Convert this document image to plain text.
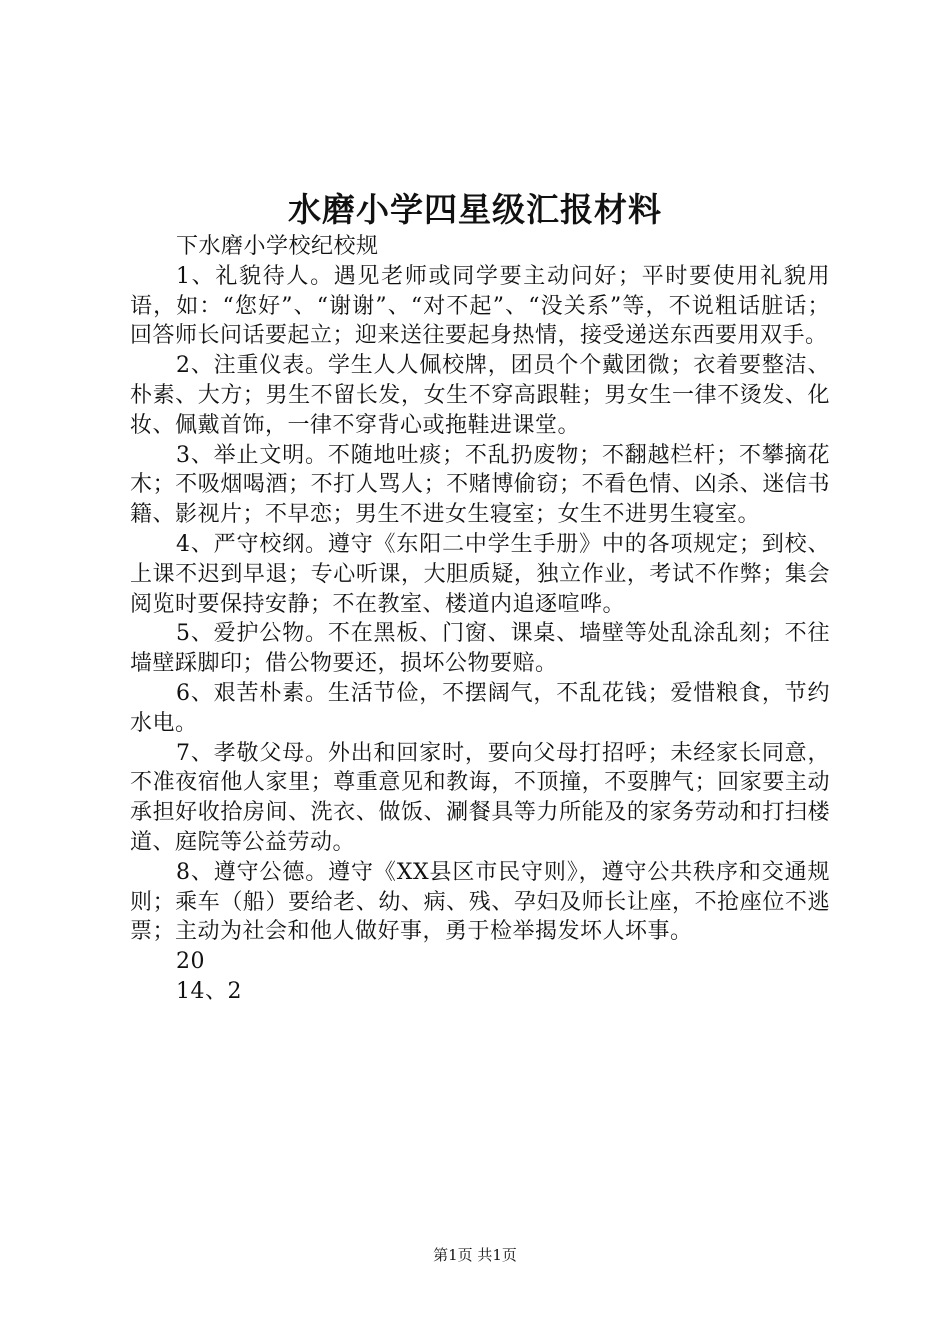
水磨小学四星级汇报材料

下水磨小学校纪校规

1、礼貌待人。遇见老师或同学要主动问好；平时要使用礼貌用语，如：“您好”、“谢谢”、“对不起”、“没关系”等，不说粗话脏话；回答师长问话要起立；迎来送往要起身热情，接受递送东西要用双手。

2、注重仪表。学生人人佩校牌，团员个个戴团微；衣着要整洁、朴素、大方；男生不留长发，女生不穿高跟鞋；男女生一律不烫发、化妆、佩戴首饰，一律不穿背心或拖鞋进课堂。

3、举止文明。不随地吐痰；不乱扔废物；不翻越栏杆；不攀摘花木；不吸烟喝酒；不打人骂人；不赌博偷窃；不看色情、凶杀、迷信书籍、影视片；不早恋；男生不进女生寝室；女生不进男生寝室。

4、严守校纲。遵守《东阳二中学生手册》中的各项规定；到校、上课不迟到早退；专心听课，大胆质疑，独立作业，考试不作弊；集会阅览时要保持安静；不在教室、楼道内追逐喧哗。

5、爱护公物。不在黑板、门窗、课桌、墙壁等处乱涂乱刻；不往墙壁踩脚印；借公物要还，损坏公物要赔。

6、艰苦朴素。生活节俭，不摆阔气，不乱花钱；爱惜粮食，节约水电。

7、孝敬父母。外出和回家时，要向父母打招呼；未经家长同意，不准夜宿他人家里；尊重意见和教诲，不顶撞，不耍脾气；回家要主动承担好收拾房间、洗衣、做饭、涮餐具等力所能及的家务劳动和打扫楼道、庭院等公益劳动。

8、遵守公德。遵守《XX县区市民守则》，遵守公共秩序和交通规则；乘车（船）要给老、幼、病、残、孕妇及师长让座，不抢座位不逃票；主动为社会和他人做好事，勇于检举揭发坏人坏事。

20

14、2

第1页 共1页
